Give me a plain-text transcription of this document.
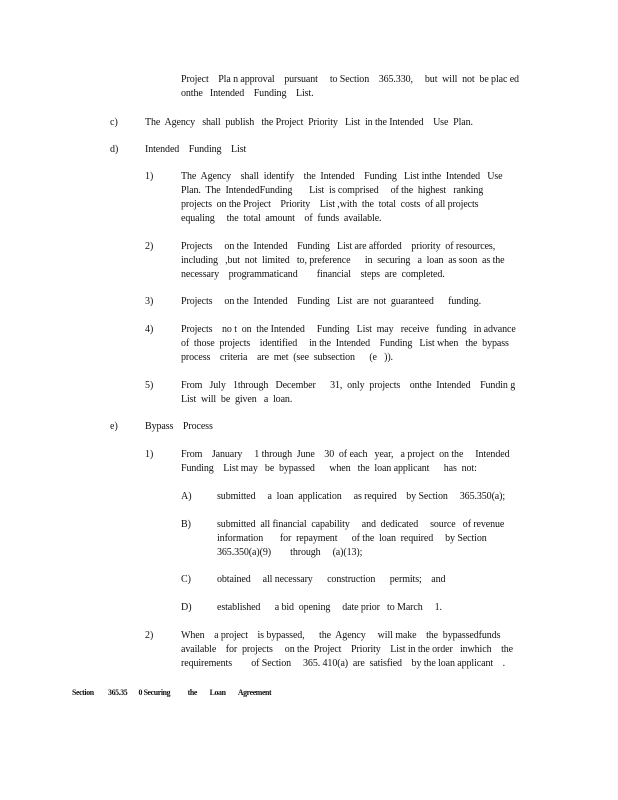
Project    Pla n approval    pursuant     to Section    365.330,     but  will  not  be plac ed
onthe   Intended    Funding    List.
c)	The  Agency   shall  publish   the Project  Priority   List  in the Intended    Use  Plan.
d)	Intended    Funding    List
1)	The  Agency    shall  identify    the  Intended    Funding   List inthe  Intended   Use
Plan.  The  IntendedFunding       List  is comprised     of the  highest   ranking
projects  on the Project    Priority    List ,with  the  total  costs  of all projects
equaling     the  total  amount    of  funds  available.
2)	Projects     on the  Intended    Funding   List are afforded    priority  of resources,
including   ,but  not  limited   to, preference      in  securing   a  loan  as soon  as the
necessary    programmaticand        financial    steps  are  completed.
3)	Projects     on the  Intended    Funding   List  are  not  guaranteed      funding.
4)	Projects    no t  on  the Intended     Funding   List  may   receive   funding   in advance
of  those  projects    identified     in the  Intended    Funding   List when   the  bypass
process    criteria    are  met  (see  subsection      (e   )).
5)	From   July   1through   December      31,  only  projects    onthe  Intended    Fundin g
List  will  be  given   a  loan.
e)	Bypass    Process
1)	From    January     1 through  June    30  of each   year,   a project  on the     Intended
Funding    List may   be  bypassed      when   the  loan applicant      has  not:
A)	submitted     a  loan  application     as required    by Section     365.350(a);
B)	submitted  all financial  capability     and  dedicated     source   of revenue
information       for  repayment      of the  loan  required     by Section
365.350(a)(9)        through     (a)(13);
C)	obtained     all necessary      construction      permits;    and
D)	established      a bid  opening     date prior   to March     1.
2)	When    a project    is bypassed,      the  Agency     will make    the  bypassedfunds
available    for  projects     on the  Project    Priority    List in the order   inwhich    the
requirements        of Section     365. 410(a)  are  satisfied    by the loan applicant    .
Section         365.35       0 Securing           the        Loan        Agreement
